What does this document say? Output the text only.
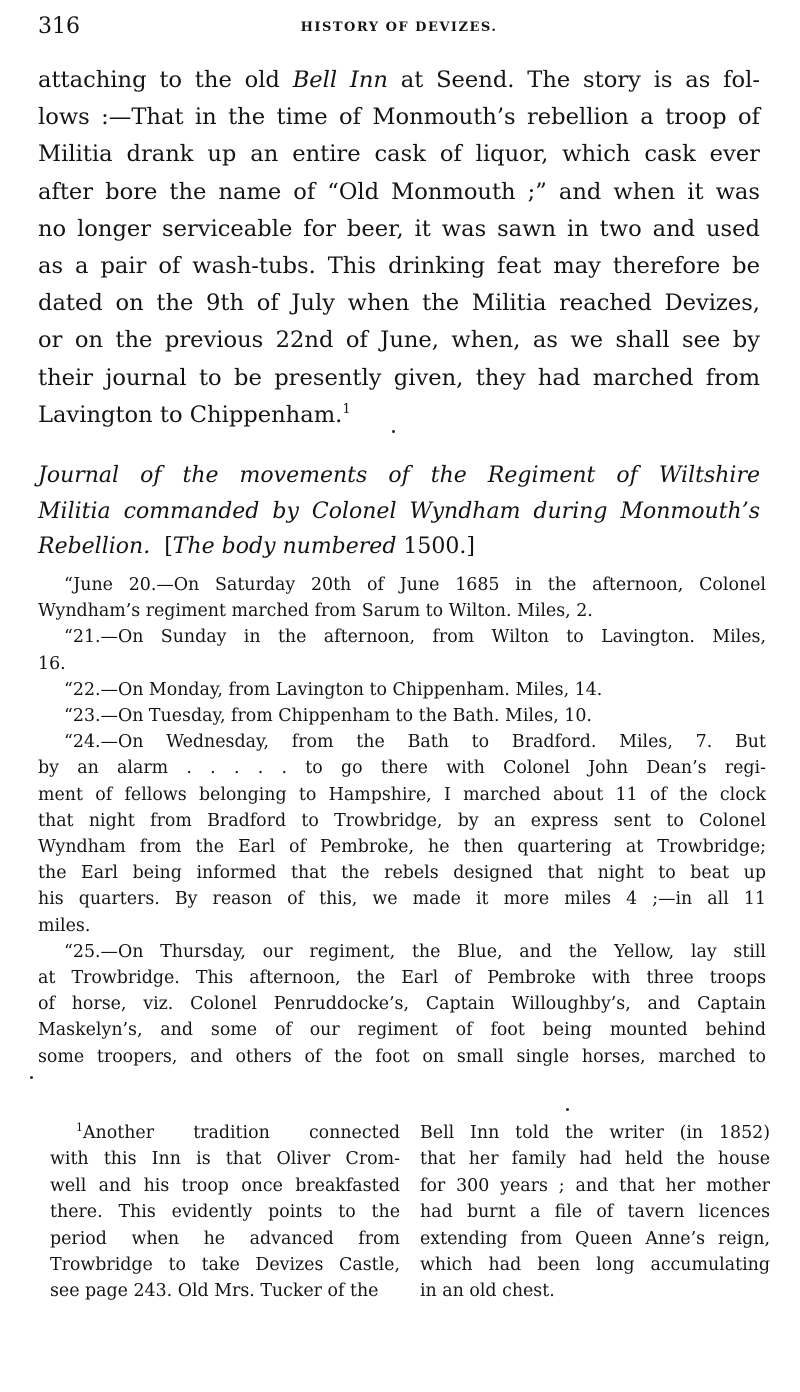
316	HISTORY OF DEVIZES.
attaching to the old Bell Inn at Seend. The story is as fol-
lows :—That in the time of Monmouth’s rebellion a troop of
Militia drank up an entire cask of liquor, which cask ever
after bore the name of “Old Monmouth ;” and when it was
no longer serviceable for beer, it was sawn in two and used
as a pair of wash-tubs. This drinking feat may therefore be
dated on the 9th of July when the Militia reached Devizes,
or on the previous 22nd of June, when, as we shall see by
their journal to be presently given, they had marched from
Lavington to Chippenham.$^1$
Journal of the movements of the Regiment of Wiltshire
Militia commanded by Colonel Wyndham during Monmouth’s
Rebellion. [The body numbered 1500.]
“June 20.—On Saturday 20th of June 1685 in the afternoon, Colonel
Wyndham’s regiment marched from Sarum to Wilton. Miles, 2.
“21.—On Sunday in the afternoon, from Wilton to Lavington. Miles,
16.
“22.—On Monday, from Lavington to Chippenham. Miles, 14.
“23.—On Tuesday, from Chippenham to the Bath. Miles, 10.
“24.—On Wednesday, from the Bath to Bradford. Miles, 7. But
by an alarm . . . . . to go there with Colonel John Dean’s regi-
ment of fellows belonging to Hampshire, I marched about 11 of the clock
that night from Bradford to Trowbridge, by an express sent to Colonel
Wyndham from the Earl of Pembroke, he then quartering at Trowbridge;
the Earl being informed that the rebels designed that night to beat up
his quarters. By reason of this, we made it more miles 4 ;—in all 11
miles.
“25.—On Thursday, our regiment, the Blue, and the Yellow, lay still
at Trowbridge. This afternoon, the Earl of Pembroke with three troops
of horse, viz. Colonel Penruddocke’s, Captain Willoughby’s, and Captain
Maskelyn’s, and some of our regiment of foot being mounted behind
some troopers, and others of the foot on small single horses, marched to
$^1$Another tradition connected
with this Inn is that Oliver Crom-
well and his troop once breakfasted
there. This evidently points to the
period when he advanced from
Trowbridge to take Devizes Castle,
see page 243. Old Mrs. Tucker of the
Bell Inn told the writer (in 1852)
that her family had held the house
for 300 years ; and that her mother
had burnt a file of tavern licences
extending from Queen Anne’s reign,
which had been long accumulating
in an old chest.
